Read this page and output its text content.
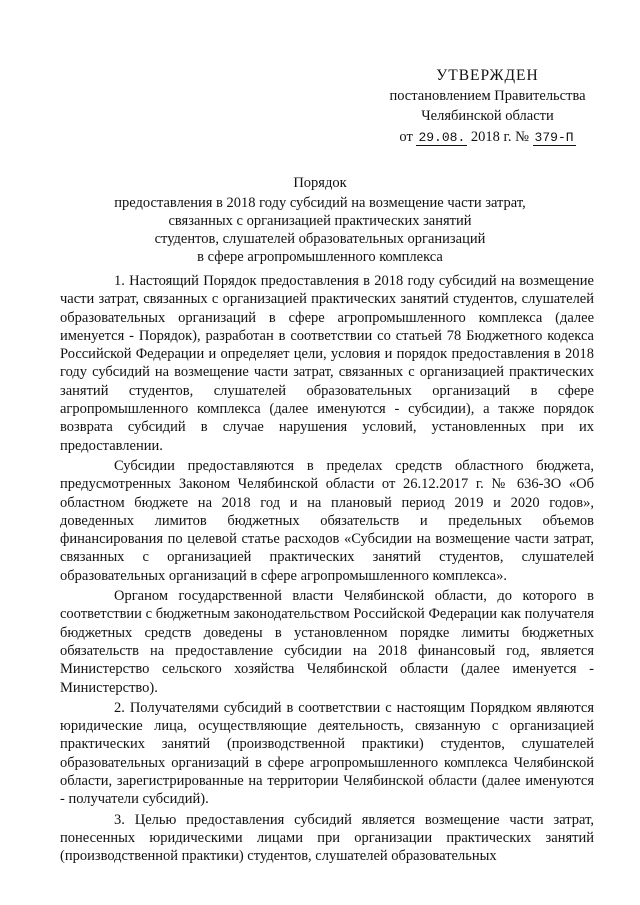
УТВЕРЖДЕН
постановлением Правительства
Челябинской области
от 29.08. 2018 г. № 379-П
Порядок
предоставления в 2018 году субсидий на возмещение части затрат,
связанных с организацией практических занятий
студентов, слушателей образовательных организаций
в сфере агропромышленного комплекса

1. Настоящий Порядок предоставления в 2018 году субсидий на возмещение части затрат, связанных с организацией практических занятий студентов, слушателей образовательных организаций в сфере агропромышленного комплекса (далее именуется - Порядок), разработан в соответствии со статьей 78 Бюджетного кодекса Российской Федерации и определяет цели, условия и порядок предоставления в 2018 году субсидий на возмещение части затрат, связанных с организацией практических занятий студентов, слушателей образовательных организаций в сфере агропромышленного комплекса (далее именуются - субсидии), а также порядок возврата субсидий в случае нарушения условий, установленных при их предоставлении.

Субсидии предоставляются в пределах средств областного бюджета, предусмотренных Законом Челябинской области от 26.12.2017 г. № 636-ЗО «Об областном бюджете на 2018 год и на плановый период 2019 и 2020 годов», доведенных лимитов бюджетных обязательств и предельных объемов финансирования по целевой статье расходов «Субсидии на возмещение части затрат, связанных с организацией практических занятий студентов, слушателей образовательных организаций в сфере агропромышленного комплекса».

Органом государственной власти Челябинской области, до которого в соответствии с бюджетным законодательством Российской Федерации как получателя бюджетных средств доведены в установленном порядке лимиты бюджетных обязательств на предоставление субсидии на 2018 финансовый год, является Министерство сельского хозяйства Челябинской области (далее именуется - Министерство).

2. Получателями субсидий в соответствии с настоящим Порядком являются юридические лица, осуществляющие деятельность, связанную с организацией практических занятий (производственной практики) студентов, слушателей образовательных организаций в сфере агропромышленного комплекса Челябинской области, зарегистрированные на территории Челябинской области (далее именуются - получатели субсидий).

3. Целью предоставления субсидий является возмещение части затрат, понесенных юридическими лицами при организации практических занятий (производственной практики) студентов, слушателей образовательных
